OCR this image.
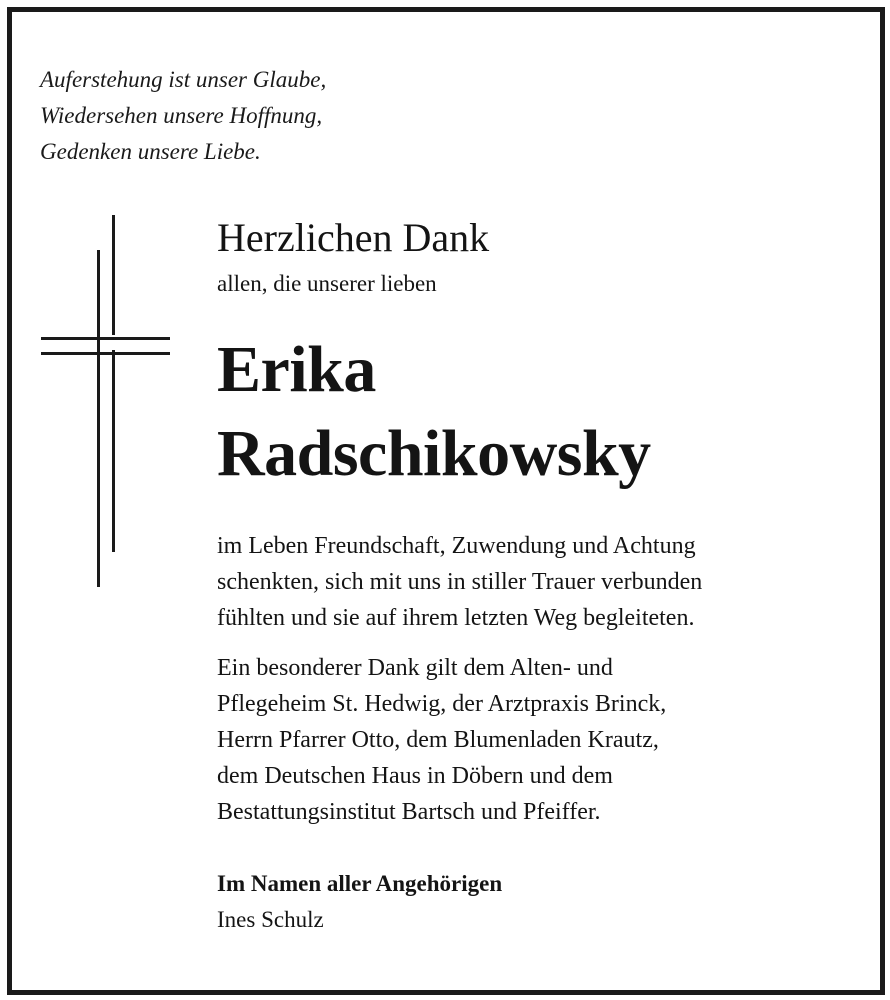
Auferstehung ist unser Glaube,
Wiedersehen unsere Hoffnung,
Gedenken unsere Liebe.
Herzlichen Dank
allen, die unserer lieben
Erika
Radschikowsky
im Leben Freundschaft, Zuwendung und Achtung
schenkten, sich mit uns in stiller Trauer verbunden
fühlten und sie auf ihrem letzten Weg begleiteten.
Ein besonderer Dank gilt dem Alten- und
Pflegeheim St. Hedwig, der Arztpraxis Brinck,
Herrn Pfarrer Otto, dem Blumenladen Krautz,
dem Deutschen Haus in Döbern und dem
Bestattungsinstitut Bartsch und Pfeiffer.
Im Namen aller Angehörigen
Ines Schulz
